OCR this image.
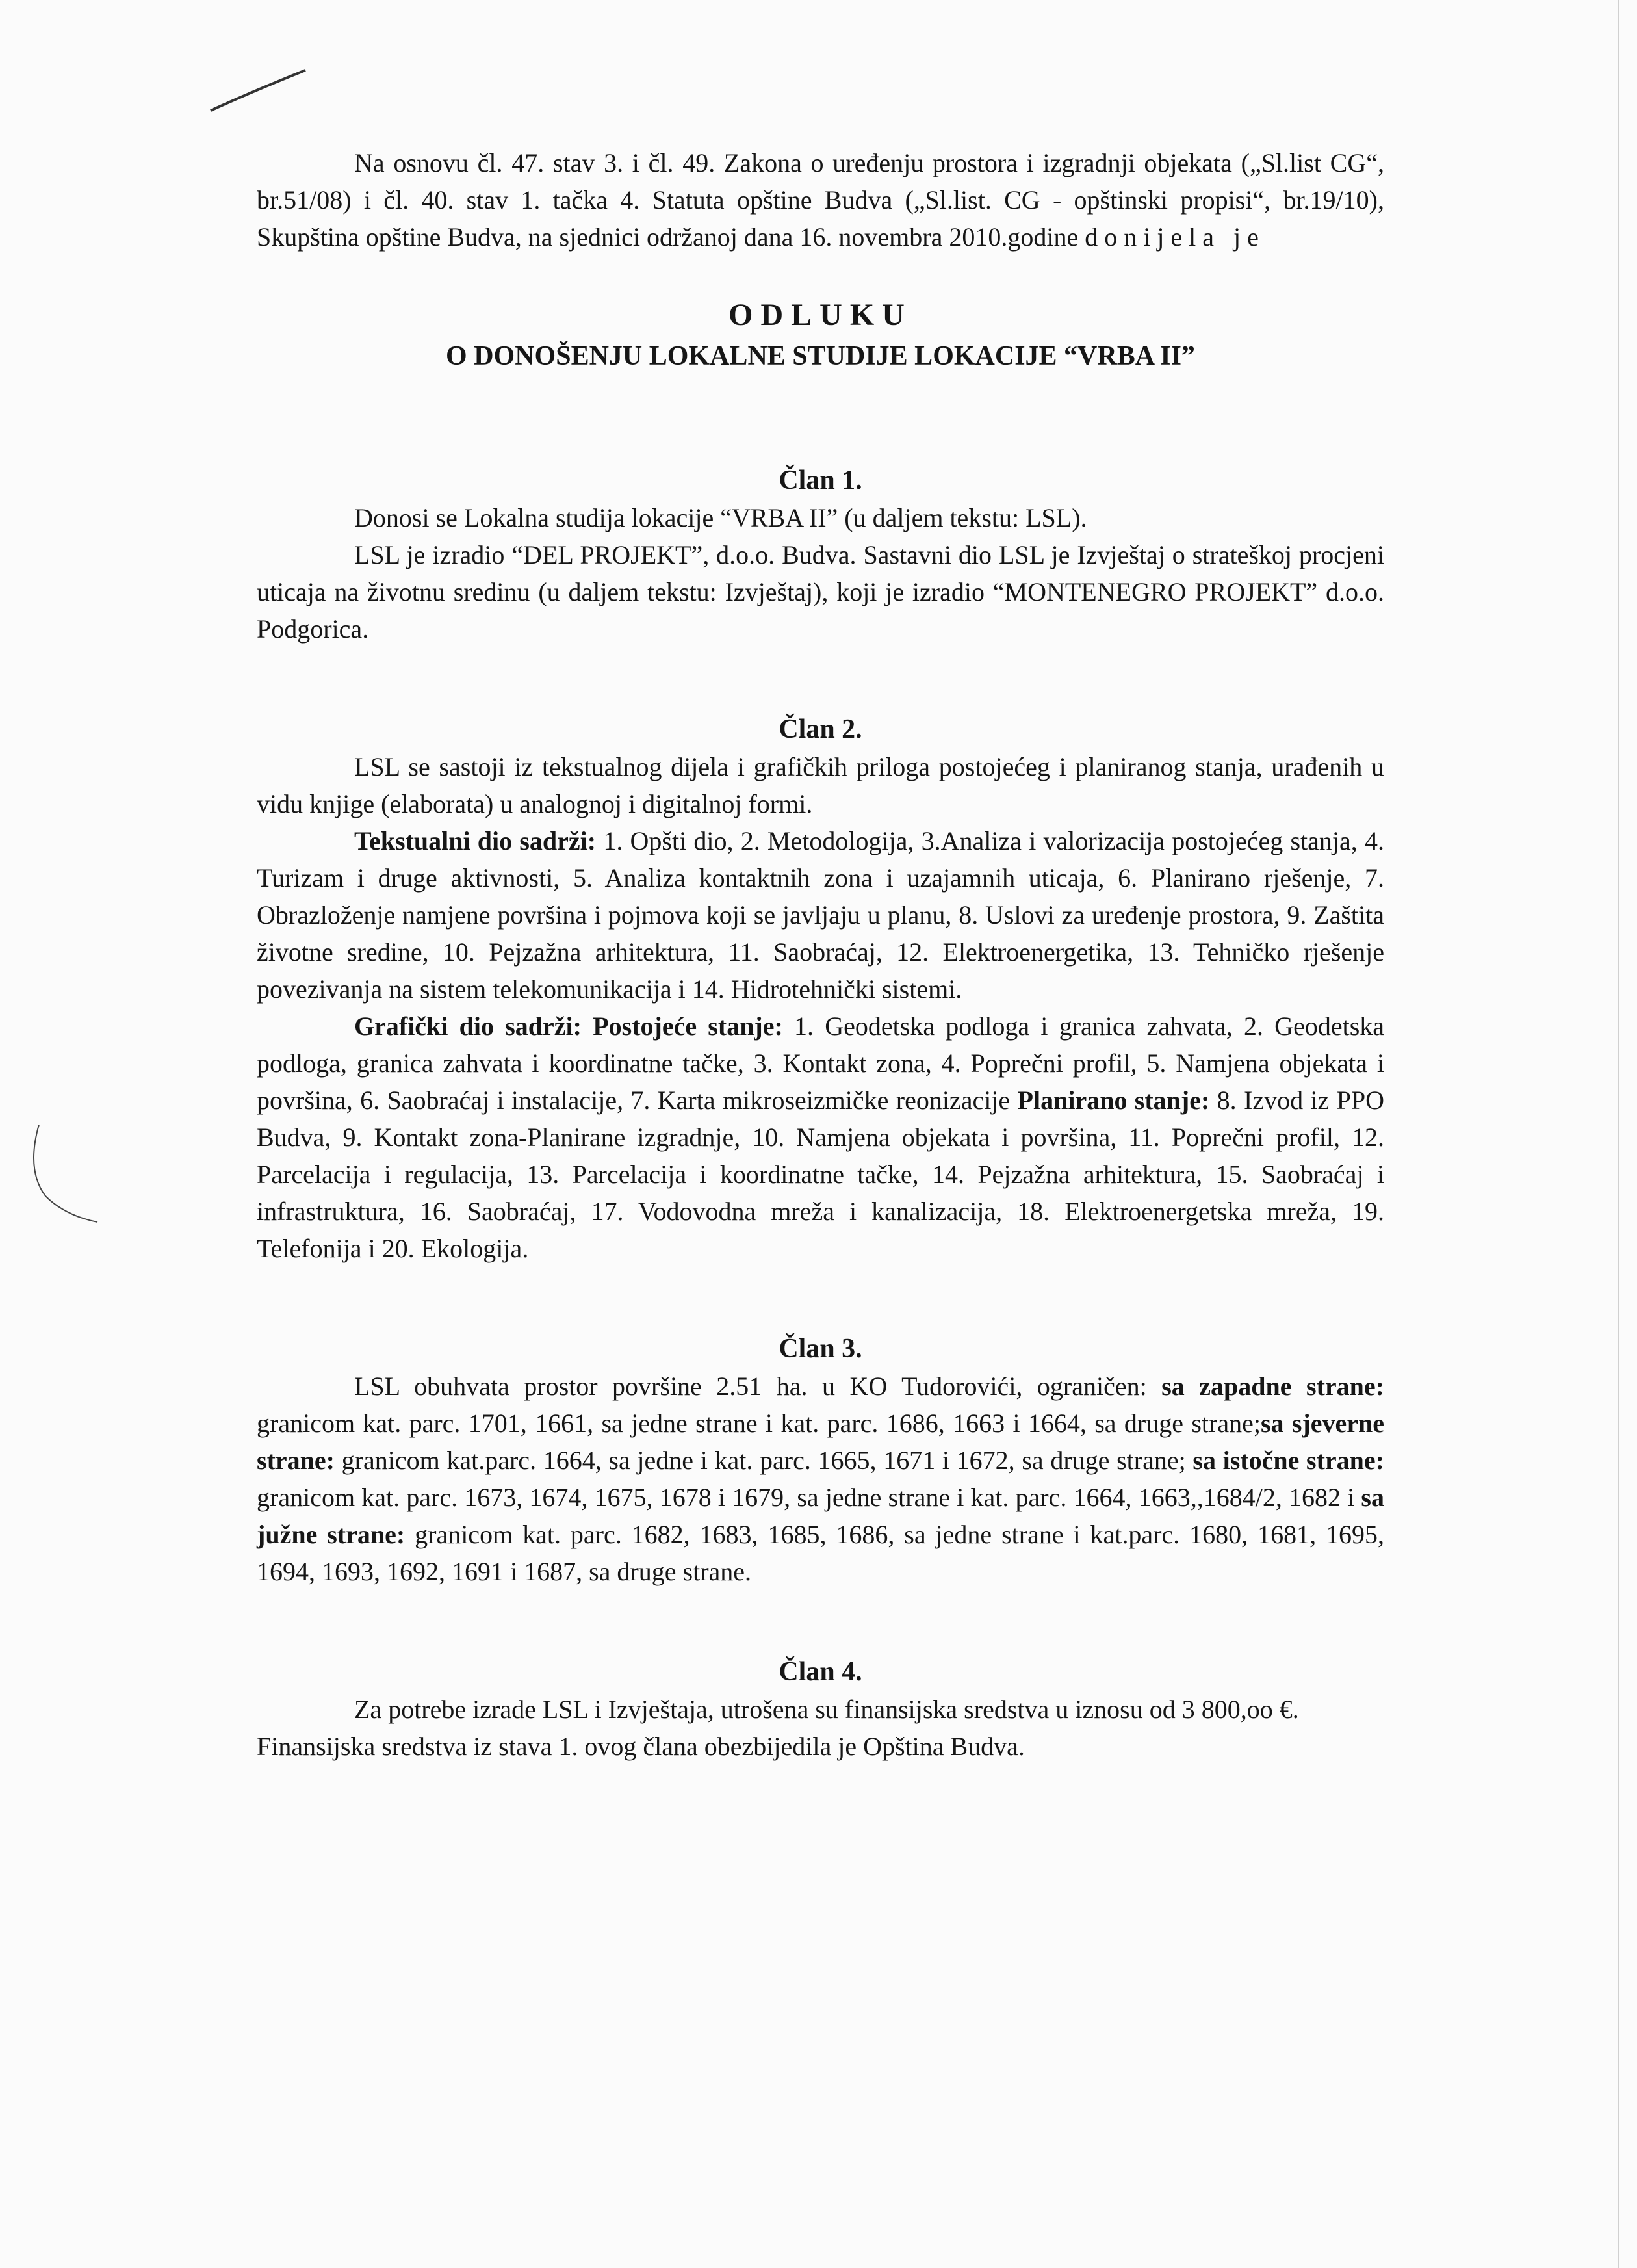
Na osnovu čl. 47. stav 3. i čl. 49. Zakona o uređenju prostora i izgradnji objekata („Sl.list CG“, br.51/08) i čl. 40. stav 1. tačka 4. Statuta opštine Budva („Sl.list. CG - opštinski propisi“, br.19/10), Skupština opštine Budva, na sjednici održanoj dana 16. novembra 2010.godine donijela je

ODLUKU

O DONOŠENJU LOKALNE STUDIJE LOKACIJE “VRBA II”

Član 1.

Donosi se Lokalna studija lokacije “VRBA II” (u daljem tekstu: LSL).

LSL je izradio “DEL PROJEKT”, d.o.o. Budva. Sastavni dio LSL je Izvještaj o strateškoj procjeni uticaja na životnu sredinu (u daljem tekstu: Izvještaj), koji je izradio “MONTENEGRO PROJEKT” d.o.o. Podgorica.

Član 2.

LSL se sastoji iz tekstualnog dijela i grafičkih priloga postojećeg i planiranog stanja, urađenih u vidu knjige (elaborata) u analognoj i digitalnoj formi.

Tekstualni dio sadrži: 1. Opšti dio, 2. Metodologija, 3.Analiza i valorizacija postojećeg stanja, 4. Turizam i druge aktivnosti, 5. Analiza kontaktnih zona i uzajamnih uticaja, 6. Planirano rješenje, 7. Obrazloženje namjene površina i pojmova koji se javljaju u planu, 8. Uslovi za uređenje prostora, 9. Zaštita životne sredine, 10. Pejzažna arhitektura, 11. Saobraćaj, 12. Elektroenergetika, 13. Tehničko rješenje povezivanja na sistem telekomunikacija i 14. Hidrotehnički sistemi.

Grafički dio sadrži: Postojeće stanje: 1. Geodetska podloga i granica zahvata, 2. Geodetska podloga, granica zahvata i koordinatne tačke, 3. Kontakt zona, 4. Poprečni profil, 5. Namjena objekata i površina, 6. Saobraćaj i instalacije, 7. Karta mikroseizmičke reonizacije Planirano stanje: 8. Izvod iz PPO Budva, 9. Kontakt zona-Planirane izgradnje, 10. Namjena objekata i površina, 11. Poprečni profil, 12. Parcelacija i regulacija, 13. Parcelacija i koordinatne tačke, 14. Pejzažna arhitektura, 15. Saobraćaj i infrastruktura, 16. Saobraćaj, 17. Vodovodna mreža i kanalizacija, 18. Elektroenergetska mreža, 19. Telefonija i 20. Ekologija.

Član 3.

LSL obuhvata prostor površine 2.51 ha. u KO Tudorovići, ograničen: sa zapadne strane: granicom kat. parc. 1701, 1661, sa jedne strane i kat. parc. 1686, 1663 i 1664, sa druge strane;sa sjeverne strane: granicom kat.parc. 1664, sa jedne i kat. parc. 1665, 1671 i 1672, sa druge strane; sa istočne strane: granicom kat. parc. 1673, 1674, 1675, 1678 i 1679, sa jedne strane i kat. parc. 1664, 1663,,1684/2, 1682 i sa južne strane: granicom kat. parc. 1682, 1683, 1685, 1686, sa jedne strane i kat.parc. 1680, 1681, 1695, 1694, 1693, 1692, 1691 i 1687, sa druge strane.

Član 4.

Za potrebe izrade LSL i Izvještaja, utrošena su finansijska sredstva u iznosu od 3 800,oo €.

Finansijska sredstva iz stava 1. ovog člana obezbijedila je Opština Budva.
